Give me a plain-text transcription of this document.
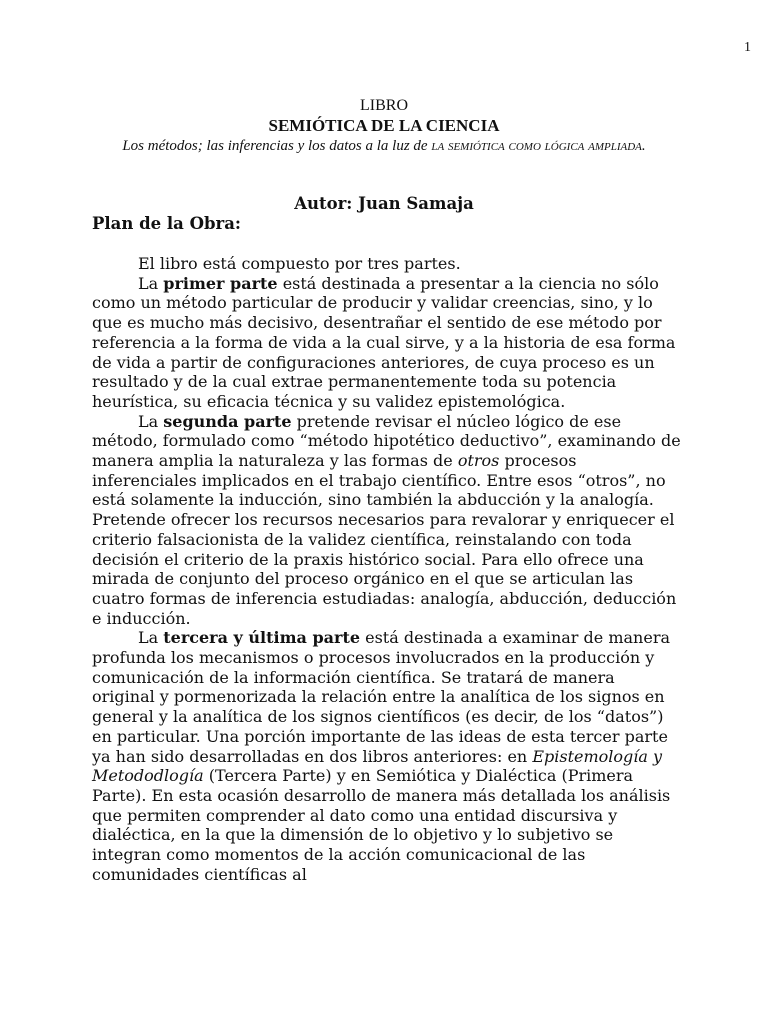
1
LIBRO
SEMIÓTICA DE LA CIENCIA
Los métodos; las inferencias y los datos a la luz de la semiótica como lógica ampliada.
Autor: Juan Samaja
Plan de la Obra:

El libro está compuesto por tres partes.

La primer parte está destinada a presentar a la ciencia no sólo como un método particular de producir y validar creencias, sino, y lo que es mucho más decisivo, desentrañar el sentido de ese método por referencia a la forma de vida a la cual sirve, y a la historia de esa forma de vida a partir de configuraciones anteriores, de cuya proceso es un resultado y de la cual extrae permanentemente toda su potencia heurística, su eficacia técnica y su validez epistemológica.

La segunda parte pretende revisar el núcleo lógico de ese método, formulado como “método hipotético deductivo”, examinando de manera amplia la naturaleza y las formas de otros procesos inferenciales implicados en el trabajo científico. Entre esos “otros”, no está solamente la inducción, sino también la abducción y la analogía. Pretende ofrecer los recursos necesarios para revalorar y enriquecer el criterio falsacionista de la validez científica, reinstalando con toda decisión el criterio de la praxis histórico social. Para ello ofrece una mirada de conjunto del proceso orgánico en el que se articulan las cuatro formas de inferencia estudiadas: analogía, abducción, deducción e inducción.

La tercera y última parte está destinada a examinar de manera profunda los mecanismos o procesos involucrados en la producción y comunicación de la información científica. Se tratará de manera original y pormenorizada la relación entre la analítica de los signos en general y la analítica de los signos científicos (es decir, de los “datos”) en particular. Una porción importante de las ideas de esta tercer parte ya han sido desarrolladas en dos libros anteriores: en Epistemología y Metododlogía (Tercera Parte) y en Semiótica y Dialéctica (Primera Parte). En esta ocasión desarrollo de manera más detallada los análisis que permiten comprender al dato como una entidad discursiva y dialéctica, en la que la dimensión de lo objetivo y lo subjetivo se integran como momentos de la acción comunicacional de las comunidades científicas al
